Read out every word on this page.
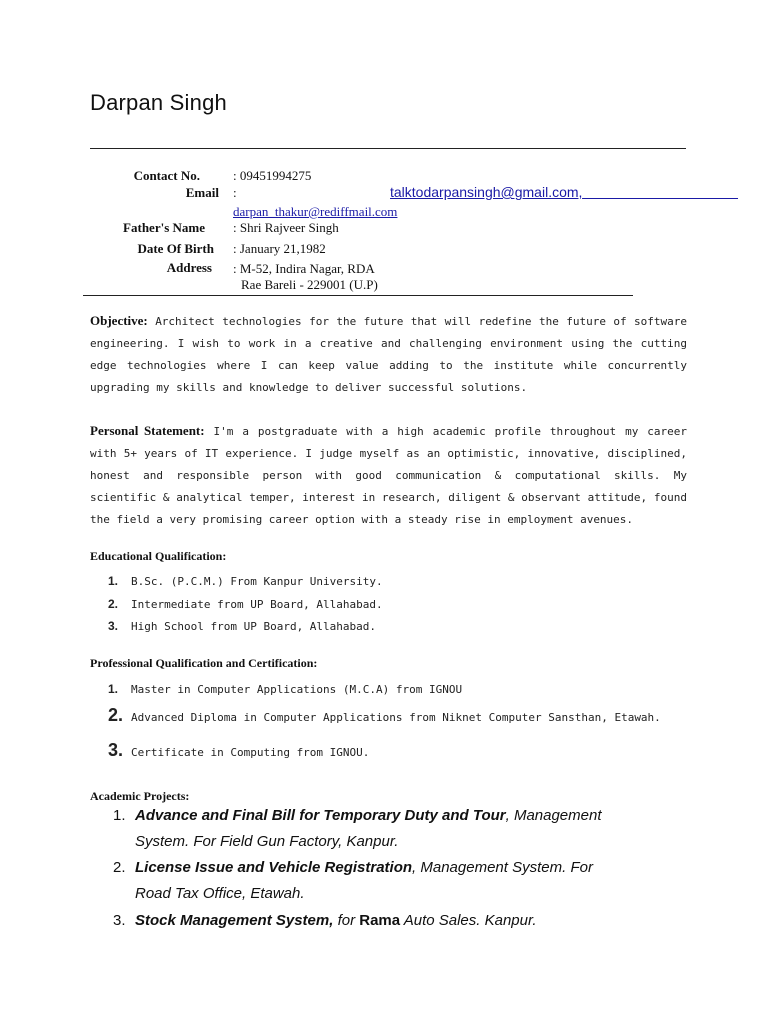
Darpan Singh
Contact No.	: 09451994275
Email :	talktodarpansingh@gmail.com,
darpan_thakur@rediffmail.com
Father's Name : Shri Rajveer Singh
Date Of Birth : January 21,1982
Address : M-52, Indira Nagar, RDA
Rae Bareli - 229001 (U.P)
Objective: Architect technologies for the future that will redefine the future of software engineering. I wish to work in a creative and challenging environment using the cutting edge technologies where I can keep value adding to the institute while concurrently upgrading my skills and knowledge to deliver successful solutions.
Personal Statement: I'm a postgraduate with a high academic profile throughout my career with 5+ years of IT experience. I judge myself as an optimistic, innovative, disciplined, honest and responsible person with good communication & computational skills. My scientific & analytical temper, interest in research, diligent & observant attitude, found the field a very promising career option with a steady rise in employment avenues.
Educational Qualification:
1. B.Sc. (P.C.M.) From Kanpur University.
2. Intermediate from UP Board, Allahabad.
3. High School from UP Board, Allahabad.
Professional Qualification and Certification:
1. Master in Computer Applications (M.C.A) from IGNOU
2. Advanced Diploma in Computer Applications from Niknet Computer Sansthan, Etawah.
3. Certificate in Computing from IGNOU.
Academic Projects:
1. Advance and Final Bill for Temporary Duty and Tour, Management
System. For Field Gun Factory, Kanpur.
2. License Issue and Vehicle Registration, Management System. For
Road Tax Office, Etawah.
3. Stock Management System, for Rama Auto Sales. Kanpur.
